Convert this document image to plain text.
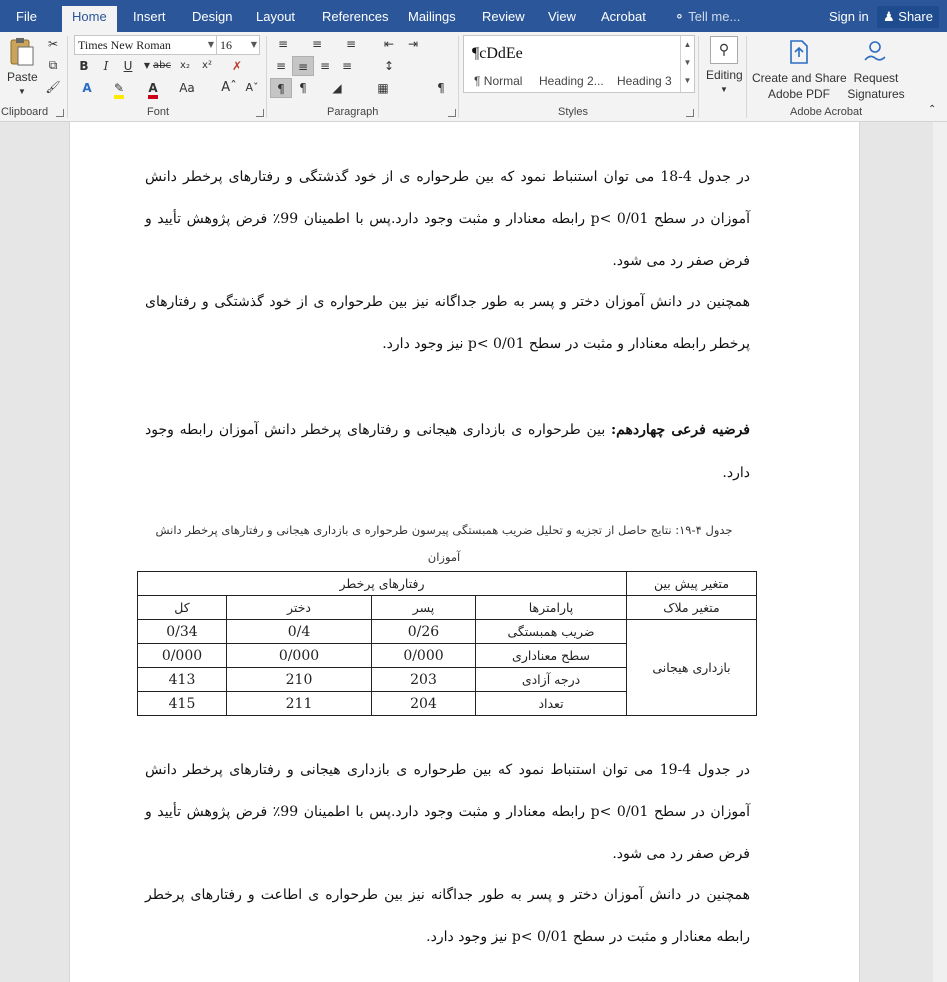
File	Home	Insert Design Layout References Mailings Review View Acrobat ⚬ Tell me...	Sign in	♟ Share
Paste
▼
✂
⧉
🖌
Clipboard
Times New Roman	▼ 16 ▼
B	I	U	▼ abc x₂	x²	✗
A	✎	A	Aˆ Aˇ
Aa
Font
≡	≡	≡	⇤	⇥
≡ ≡ ≡ ≡	↕
¶	¶	◢	▦	¶
Paragraph
¶cDdEe
¶ Normal Heading 2... Heading 3
▲
▼
▼
Styles
⚲
Editing
▼
Create and Share
Adobe PDF
Request
Signatures
Adobe Acrobat	⌃
در جدول 4-18 می توان استنباط نمود که بین طرحواره ی از خود گذشتگی و رفتارهای پرخطر دانش
آموزان در سطح p< 0/01 رابطه معنادار و مثبت وجود دارد.پس با اطمینان 99٪ فرض پژوهش تأیید و
فرض صفر رد می شود.
همچنین در دانش آموزان دختر و پسر به طور جداگانه نیز بین طرحواره ی از خود گذشتگی و رفتارهای
پرخطر رابطه معنادار و مثبت در سطح p< 0/01 نیز وجود دارد.
فرضیه فرعی چهاردهم: بین طرحواره ی بازداری هیجانی و رفتارهای پرخطر دانش آموزان رابطه وجود
دارد.
جدول ۴-۱۹: نتایج حاصل از تجزیه و تحلیل ضریب همبستگی پیرسون طرحواره ی بازداری هیجانی و رفتارهای پرخطر دانش
آموزان
متغیر پیش بین	رفتارهای پرخطر			
متغیر ملاک	پارامترها	پسر	دختر	کل
بازداری هیجانی	ضریب همبستگی	0/26	0/4	0/34
	سطح معناداری	0/000	0/000	0/000
	درجه آزادی	203	210	413
	تعداد	204	211	415
در جدول 4-19 می توان استنباط نمود که بین طرحواره ی بازداری هیجانی و رفتارهای پرخطر دانش
آموزان در سطح p< 0/01 رابطه معنادار و مثبت وجود دارد.پس با اطمینان 99٪ فرض پژوهش تأیید و
فرض صفر رد می شود.
همچنین در دانش آموزان دختر و پسر به طور جداگانه نیز بین طرحواره ی اطاعت و رفتارهای پرخطر
رابطه معنادار و مثبت در سطح p< 0/01 نیز وجود دارد.
